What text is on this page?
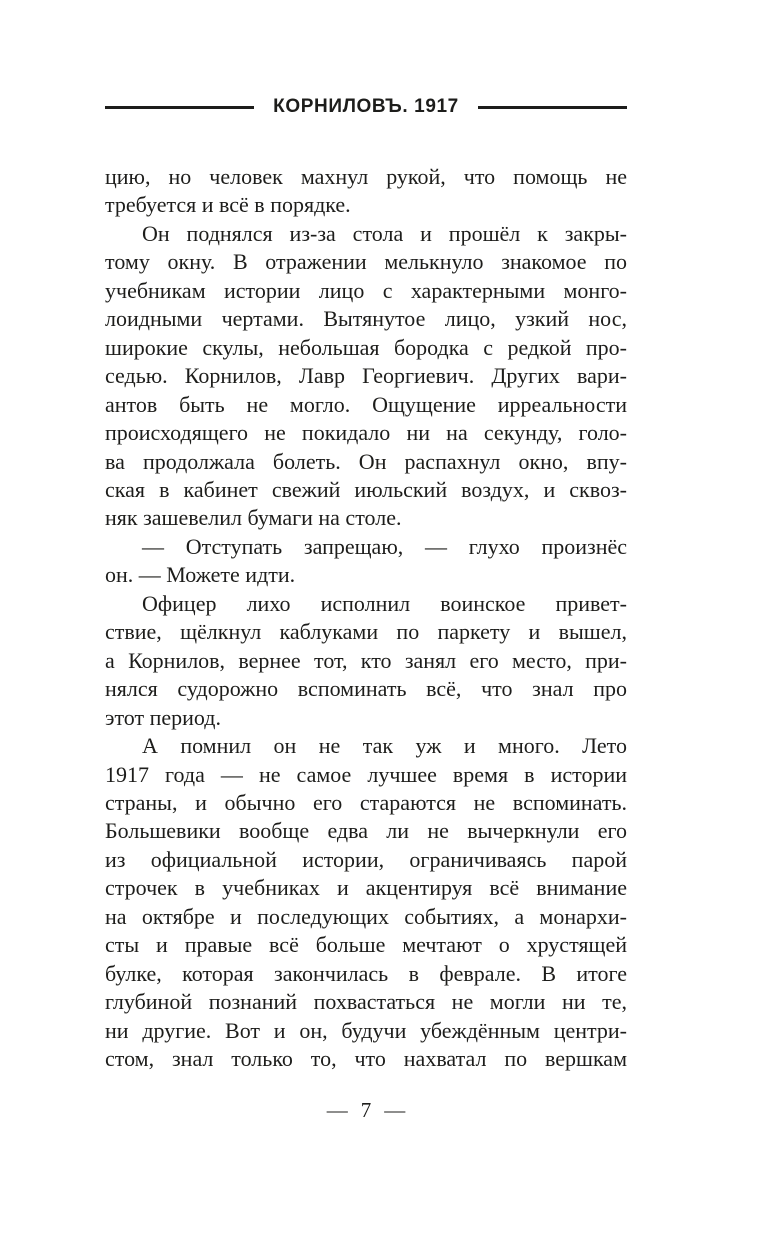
КОРНИЛОВЪ. 1917
цию, но человек махнул рукой, что помощь не
требуется и всё в порядке.
Он поднялся из-за стола и прошёл к закры-
тому окну. В отражении мелькнуло знакомое по
учебникам истории лицо с характерными монго-
лоидными чертами. Вытянутое лицо, узкий нос,
широкие скулы, небольшая бородка с редкой про-
седью. Корнилов, Лавр Георгиевич. Других вари-
антов быть не могло. Ощущение ирреальности
происходящего не покидало ни на секунду, голо-
ва продолжала болеть. Он распахнул окно, впу-
ская в кабинет свежий июльский воздух, и сквоз-
няк зашевелил бумаги на столе.
— Отступать запрещаю, — глухо произнёс
он. — Можете идти.
Офицер лихо исполнил воинское привет-
ствие, щёлкнул каблуками по паркету и вышел,
а Корнилов, вернее тот, кто занял его место, при-
нялся судорожно вспоминать всё, что знал про
этот период.
А помнил он не так уж и много. Лето
1917 года — не самое лучшее время в истории
страны, и обычно его стараются не вспоминать.
Большевики вообще едва ли не вычеркнули его
из официальной истории, ограничиваясь парой
строчек в учебниках и акцентируя всё внимание
на октябре и последующих событиях, а монархи-
сты и правые всё больше мечтают о хрустящей
булке, которая закончилась в феврале. В итоге
глубиной познаний похвастаться не могли ни те,
ни другие. Вот и он, будучи убеждённым центри-
стом, знал только то, что нахватал по вершкам
— 7 —
